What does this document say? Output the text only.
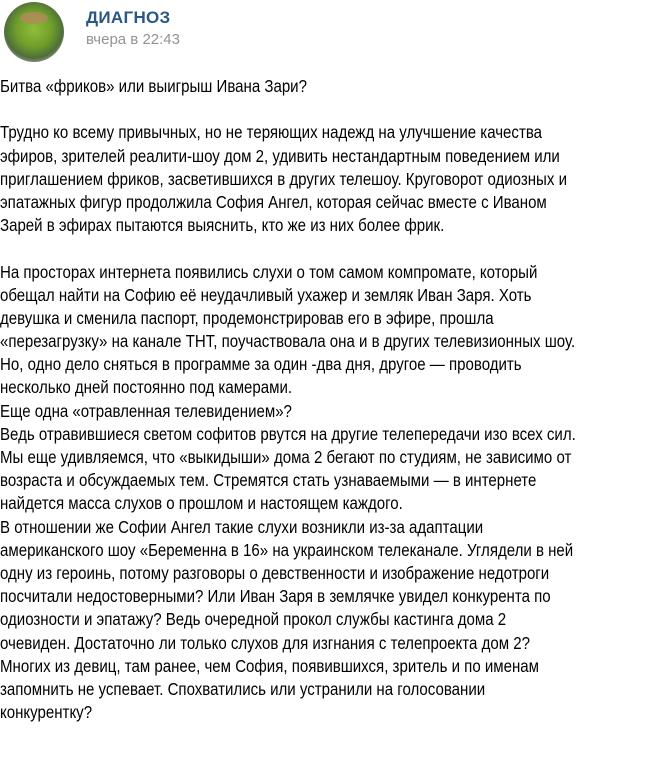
ДИАГНОЗ
вчера в 22:43
Битва «фриков» или выигрыш Ивана Зари?
Трудно ко всему привычных, но не теряющих надежд на улучшение качества
эфиров, зрителей реалити-шоу дом 2, удивить нестандартным поведением или
приглашением фриков, засветившихся в других телешоу. Круговорот одиозных и
эпатажных фигур продолжила София Ангел, которая сейчас вместе с Иваном
Зарей в эфирах пытаются выяснить, кто же из них более фрик.
На просторах интернета появились слухи о том самом компромате, который
обещал найти на Софию её неудачливый ухажер и земляк Иван Заря. Хоть
девушка и сменила паспорт, продемонстрировав его в эфире, прошла
«перезагрузку» на канале ТНТ, поучаствовала она и в других телевизионных шоу.
Но, одно дело сняться в программе за один -два дня, другое — проводить
несколько дней постоянно под камерами.
Еще одна «отравленная телевидением»?
Ведь отравившиеся светом софитов рвутся на другие телепередачи изо всех сил.
Мы еще удивляемся, что «выкидыши» дома 2 бегают по студиям, не зависимо от
возраста и обсуждаемых тем. Стремятся стать узнаваемыми — в интернете
найдется масса слухов о прошлом и настоящем каждого.
В отношении же Софии Ангел такие слухи возникли из-за адаптации
американского шоу «Беременна в 16» на украинском телеканале. Углядели в ней
одну из героинь, потому разговоры о девственности и изображение недотроги
посчитали недостоверными? Или Иван Заря в землячке увидел конкурента по
одиозности и эпатажу? Ведь очередной прокол службы кастинга дома 2
очевиден. Достаточно ли только слухов для изгнания с телепроекта дом 2?
Многих из девиц, там ранее, чем София, появившихся, зритель и по именам
запомнить не успевает. Спохватились или устранили на голосовании
конкурентку?
